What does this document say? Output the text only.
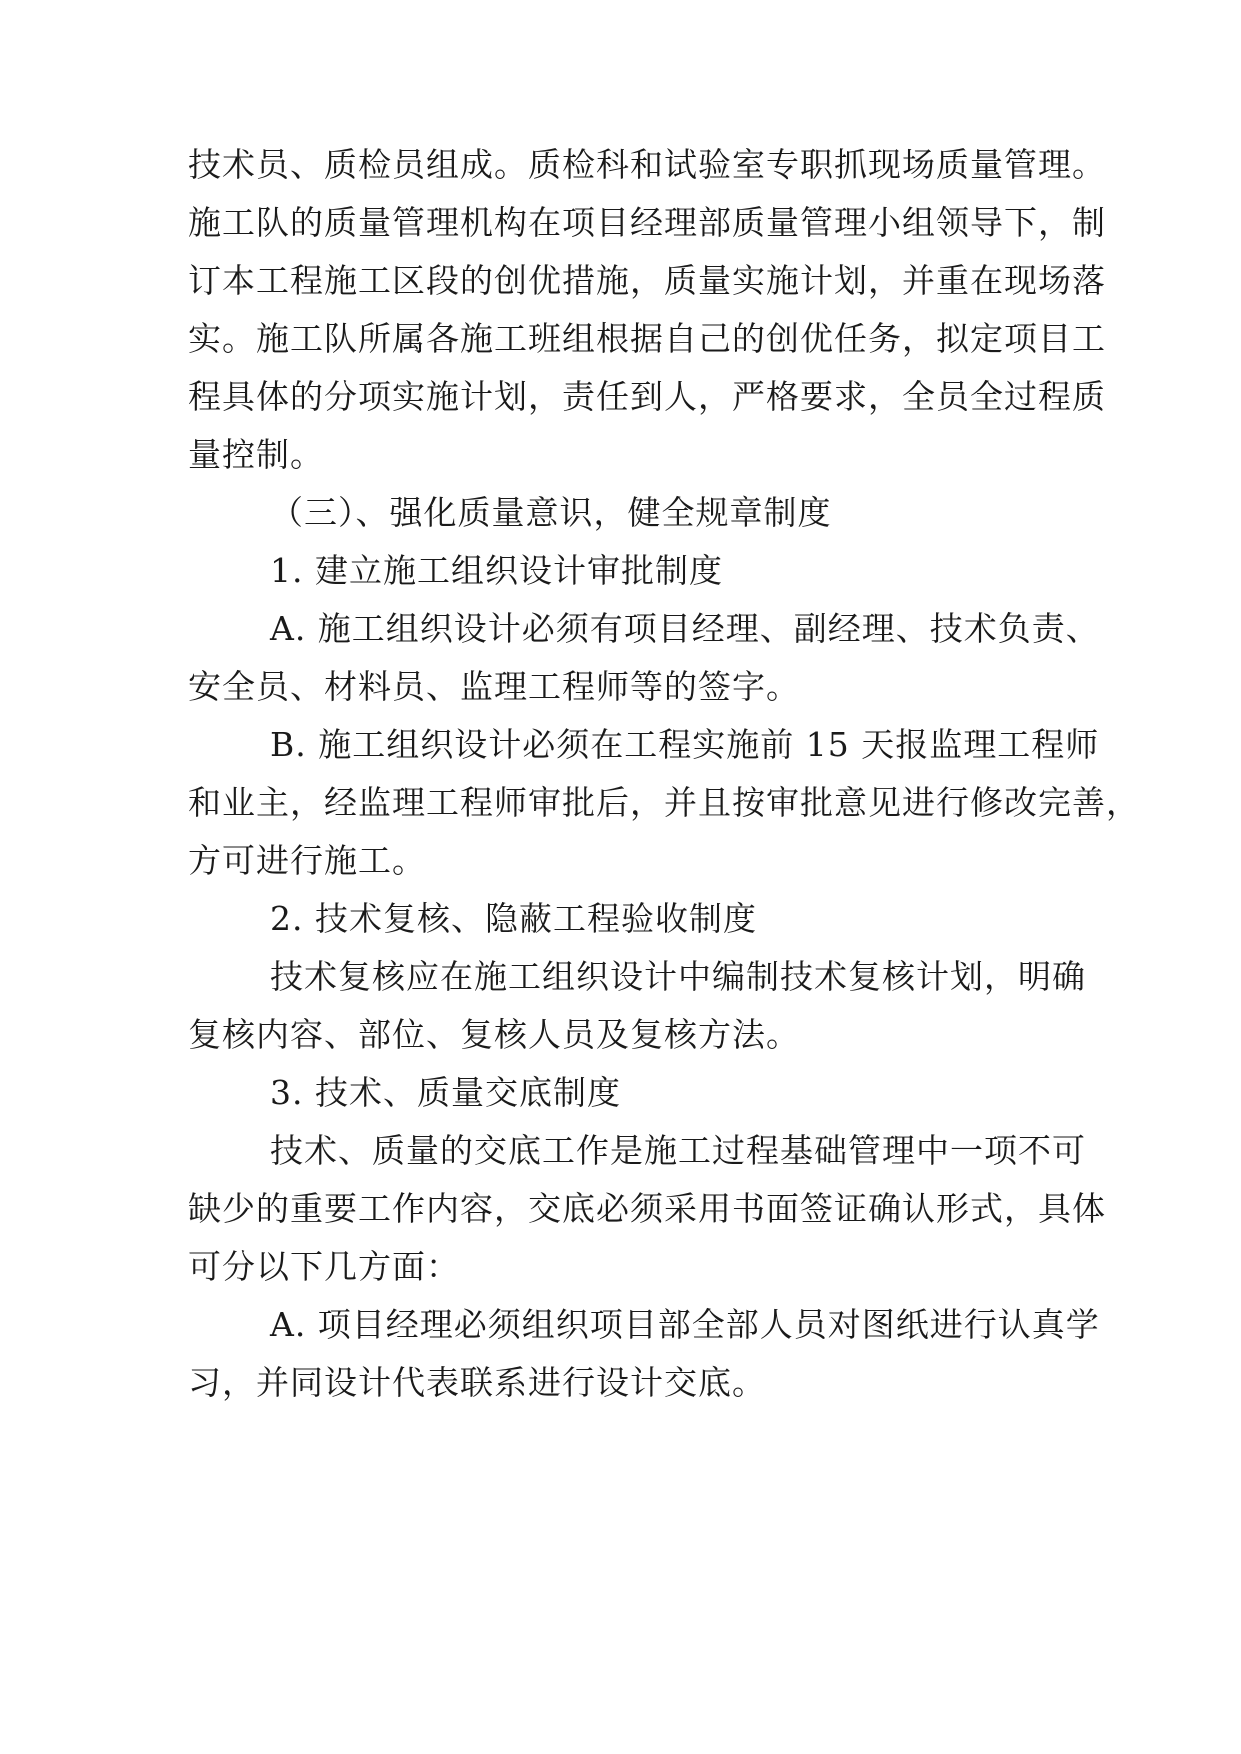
技术员、质检员组成。质检科和试验室专职抓现场质量管理。
施工队的质量管理机构在项目经理部质量管理小组领导下，制
订本工程施工区段的创优措施，质量实施计划，并重在现场落
实。施工队所属各施工班组根据自己的创优任务，拟定项目工
程具体的分项实施计划，责任到人，严格要求，全员全过程质
量控制。
（三）、强化质量意识，健全规章制度
1. 建立施工组织设计审批制度
A. 施工组织设计必须有项目经理、副经理、技术负责、
安全员、材料员、监理工程师等的签字。
B. 施工组织设计必须在工程实施前 15 天报监理工程师
和业主，经监理工程师审批后，并且按审批意见进行修改完善，
方可进行施工。
2. 技术复核、隐蔽工程验收制度
技术复核应在施工组织设计中编制技术复核计划，明确
复核内容、部位、复核人员及复核方法。
3. 技术、质量交底制度
技术、质量的交底工作是施工过程基础管理中一项不可
缺少的重要工作内容，交底必须采用书面签证确认形式，具体
可分以下几方面：
A. 项目经理必须组织项目部全部人员对图纸进行认真学
习，并同设计代表联系进行设计交底。
